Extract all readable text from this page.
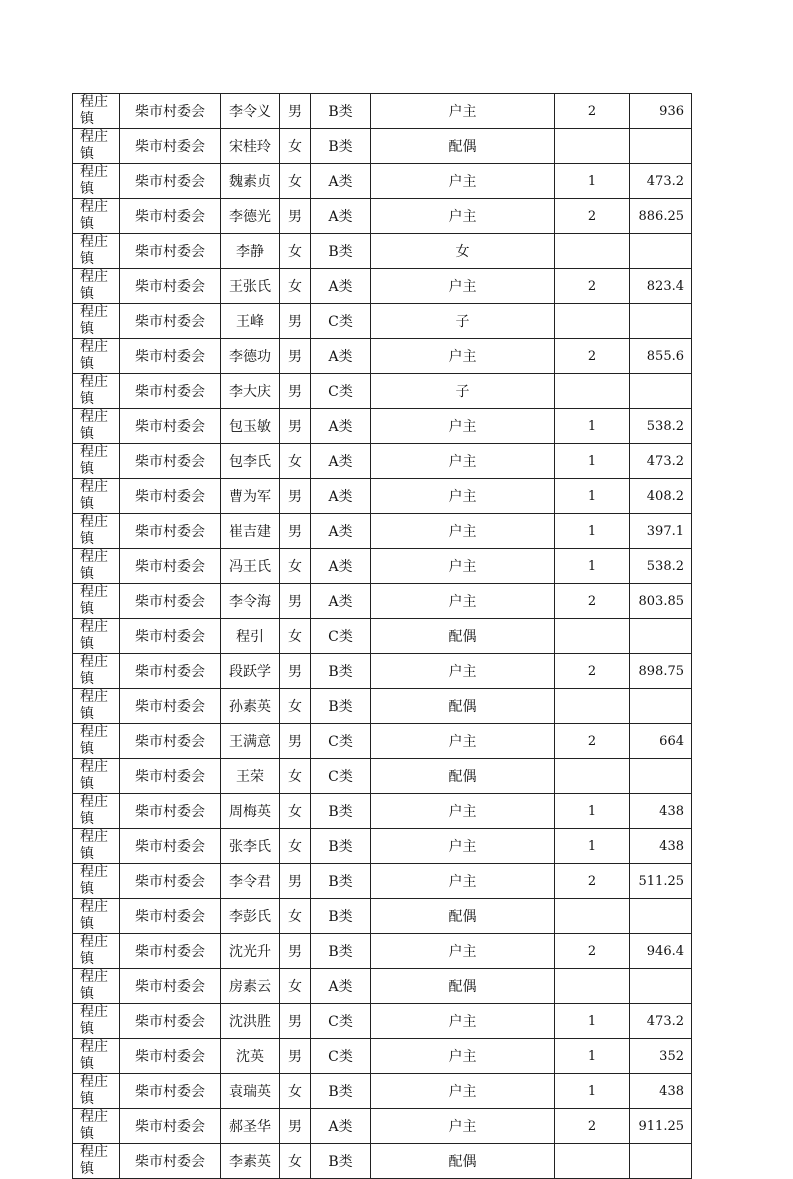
程庄镇	柴市村委会	李令义	男	B类	户主	2	936
程庄镇	柴市村委会	宋桂玲	女	B类	配偶		
程庄镇	柴市村委会	魏素贞	女	A类	户主	1	473.2
程庄镇	柴市村委会	李德光	男	A类	户主	2	886.25
程庄镇	柴市村委会	李静	女	B类	女		
程庄镇	柴市村委会	王张氏	女	A类	户主	2	823.4
程庄镇	柴市村委会	王峰	男	C类	子		
程庄镇	柴市村委会	李德功	男	A类	户主	2	855.6
程庄镇	柴市村委会	李大庆	男	C类	子		
程庄镇	柴市村委会	包玉敏	男	A类	户主	1	538.2
程庄镇	柴市村委会	包李氏	女	A类	户主	1	473.2
程庄镇	柴市村委会	曹为军	男	A类	户主	1	408.2
程庄镇	柴市村委会	崔吉建	男	A类	户主	1	397.1
程庄镇	柴市村委会	冯王氏	女	A类	户主	1	538.2
程庄镇	柴市村委会	李令海	男	A类	户主	2	803.85
程庄镇	柴市村委会	程引	女	C类	配偶		
程庄镇	柴市村委会	段跃学	男	B类	户主	2	898.75
程庄镇	柴市村委会	孙素英	女	B类	配偶		
程庄镇	柴市村委会	王满意	男	C类	户主	2	664
程庄镇	柴市村委会	王荣	女	C类	配偶		
程庄镇	柴市村委会	周梅英	女	B类	户主	1	438
程庄镇	柴市村委会	张李氏	女	B类	户主	1	438
程庄镇	柴市村委会	李令君	男	B类	户主	2	511.25
程庄镇	柴市村委会	李彭氏	女	B类	配偶		
程庄镇	柴市村委会	沈光升	男	B类	户主	2	946.4
程庄镇	柴市村委会	房素云	女	A类	配偶		
程庄镇	柴市村委会	沈洪胜	男	C类	户主	1	473.2
程庄镇	柴市村委会	沈英	男	C类	户主	1	352
程庄镇	柴市村委会	袁瑞英	女	B类	户主	1	438
程庄镇	柴市村委会	郝圣华	男	A类	户主	2	911.25
程庄镇	柴市村委会	李素英	女	B类	配偶		
